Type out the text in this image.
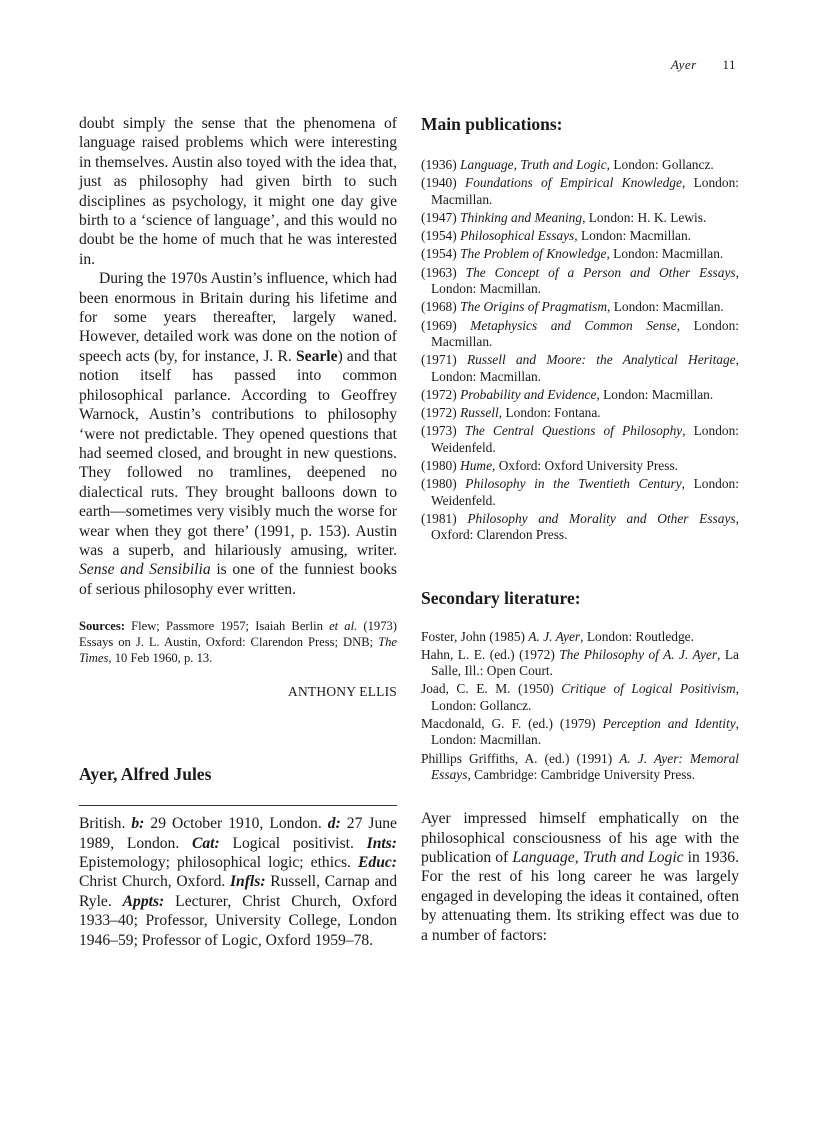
Ayer 11

doubt simply the sense that the phenomena of language raised problems which were interesting in themselves. Austin also toyed with the idea that, just as philosophy had given birth to such disciplines as psychology, it might one day give birth to a ‘science of language’, and this would no doubt be the home of much that he was interested in.

During the 1970s Austin’s influence, which had been enormous in Britain during his lifetime and for some years thereafter, largely waned. However, detailed work was done on the notion of speech acts (by, for instance, J. R. Searle) and that notion itself has passed into common philosophical parlance. According to Geoffrey Warnock, Austin’s contributions to philosophy ‘were not predictable. They opened questions that had seemed closed, and brought in new questions. They followed no tramlines, deepened no dialectical ruts. They brought balloons down to earth—sometimes very visibly much the worse for wear when they got there’ (1991, p. 153). Austin was a superb, and hilariously amusing, writer. Sense and Sensibilia is one of the funniest books of serious philosophy ever written.

Sources: Flew; Passmore 1957; Isaiah Berlin et al. (1973) Essays on J. L. Austin, Oxford: Clarendon Press; DNB; The Times, 10 Feb 1960, p. 13.

ANTHONY ELLIS

Ayer, Alfred Jules

British. b: 29 October 1910, London. d: 27 June 1989, London. Cat: Logical positivist. Ints: Epistemology; philosophical logic; ethics. Educ: Christ Church, Oxford. Infls: Russell, Carnap and Ryle. Appts: Lecturer, Christ Church, Oxford 1933–40; Professor, University College, London 1946–59; Professor of Logic, Oxford 1959–78.

Main publications:
(1936) Language, Truth and Logic, London: Gollancz.
(1940) Foundations of Empirical Knowledge, London: Macmillan.
(1947) Thinking and Meaning, London: H. K. Lewis.
(1954) Philosophical Essays, London: Macmillan.
(1954) The Problem of Knowledge, London: Macmillan.
(1963) The Concept of a Person and Other Essays, London: Macmillan.
(1968) The Origins of Pragmatism, London: Macmillan.
(1969) Metaphysics and Common Sense, London: Macmillan.
(1971) Russell and Moore: the Analytical Heritage, London: Macmillan.
(1972) Probability and Evidence, London: Macmillan.
(1972) Russell, London: Fontana.
(1973) The Central Questions of Philosophy, London: Weidenfeld.
(1980) Hume, Oxford: Oxford University Press.
(1980) Philosophy in the Twentieth Century, London: Weidenfeld.
(1981) Philosophy and Morality and Other Essays, Oxford: Clarendon Press.
Secondary literature:
Foster, John (1985) A. J. Ayer, London: Routledge.
Hahn, L. E. (ed.) (1972) The Philosophy of A. J. Ayer, La Salle, Ill.: Open Court.
Joad, C. E. M. (1950) Critique of Logical Positivism, London: Gollancz.
Macdonald, G. F. (ed.) (1979) Perception and Identity, London: Macmillan.
Phillips Griffiths, A. (ed.) (1991) A. J. Ayer: Memoral Essays, Cambridge: Cambridge University Press.

Ayer impressed himself emphatically on the philosophical consciousness of his age with the publication of Language, Truth and Logic in 1936. For the rest of his long career he was largely engaged in developing the ideas it contained, often by attenuating them. Its striking effect was due to a number of factors:
